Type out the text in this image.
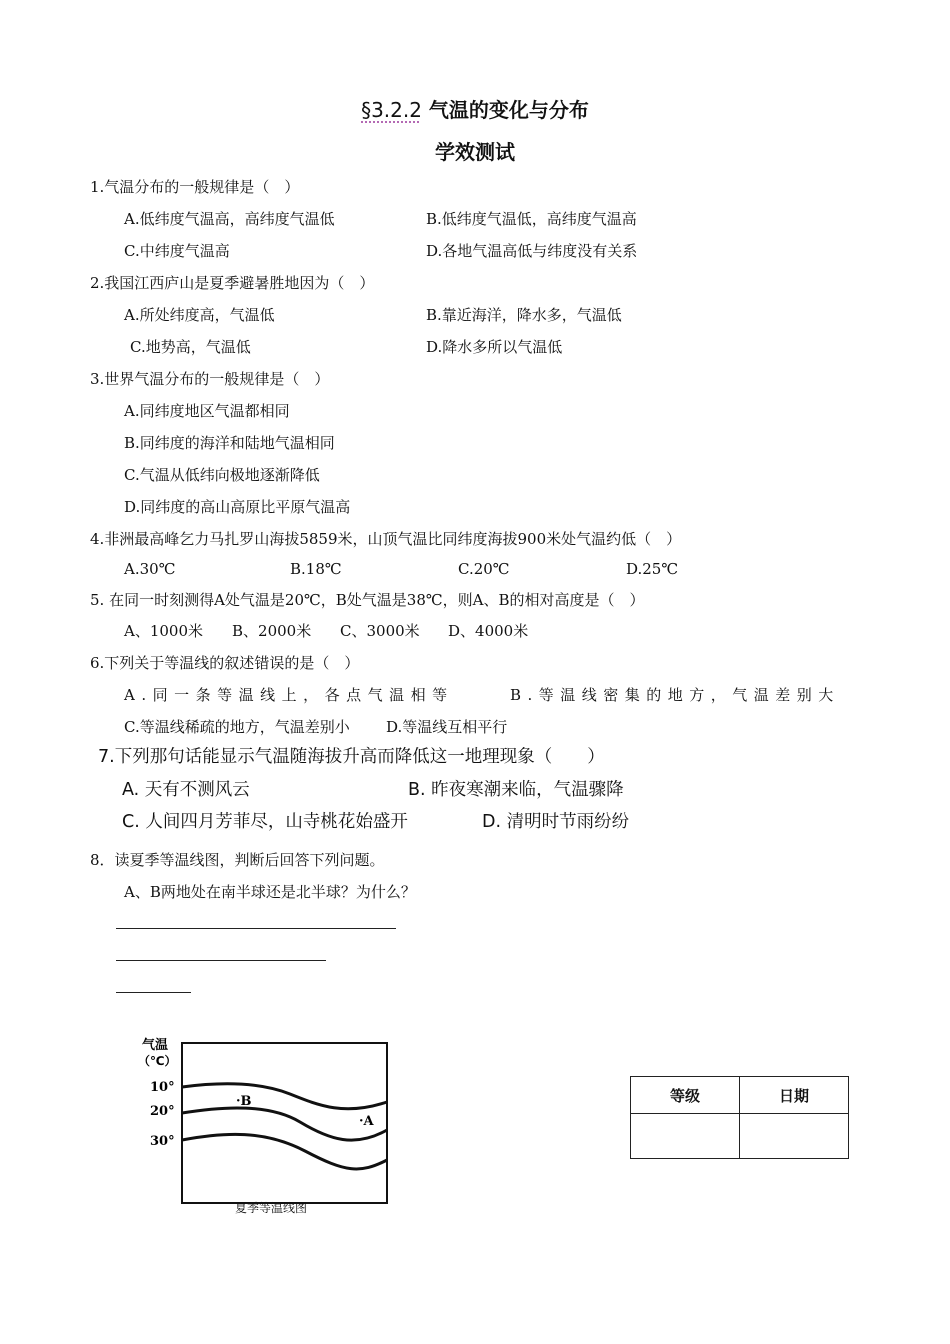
§3.2.2 气温的变化与分布
学效测试
1.气温分布的一般规律是（　）
A.低纬度气温高，高纬度气温低	B.低纬度气温低，高纬度气温高
C.中纬度气温高	D.各地气温高低与纬度没有关系
2.我国江西庐山是夏季避暑胜地因为（　）
A.所处纬度高，气温低	B.靠近海洋，降水多，气温低
C.地势高，气温低	D.降水多所以气温低
3.世界气温分布的一般规律是（　）
A.同纬度地区气温都相同
B.同纬度的海洋和陆地气温相同
C.气温从低纬向极地逐渐降低
D.同纬度的高山高原比平原气温高
4.非洲最高峰乞力马扎罗山海拔5859米，山顶气温比同纬度海拔900米处气温约低（　）
A.30℃	B.18℃	C.20℃	D.25℃
5. 在同一时刻测得A处气温是20℃，B处气温是38℃，则A、B的相对高度是（　）
A、1000米 B、2000米 C、3000米 D、4000米
6.下列关于等温线的叙述错误的是（　）
A.同一条等温线上，各点气温相等	B.等温线密集的地方，气温差别大
C.等温线稀疏的地方，气温差别小 D.等温线互相平行
7.下列那句话能显示气温随海拔升高而降低这一地理现象（　　）
A. 天有不测风云	B. 昨夜寒潮来临，气温骤降
C. 人间四月芳菲尽，山寺桃花始盛开	D. 清明时节雨纷纷
8．读夏季等温线图，判断后回答下列问题。
A、B两地处在南半球还是北半球？为什么？
气温
（℃）
10°
20°
30°
·B
·A
夏季等温线图
等级	日期
